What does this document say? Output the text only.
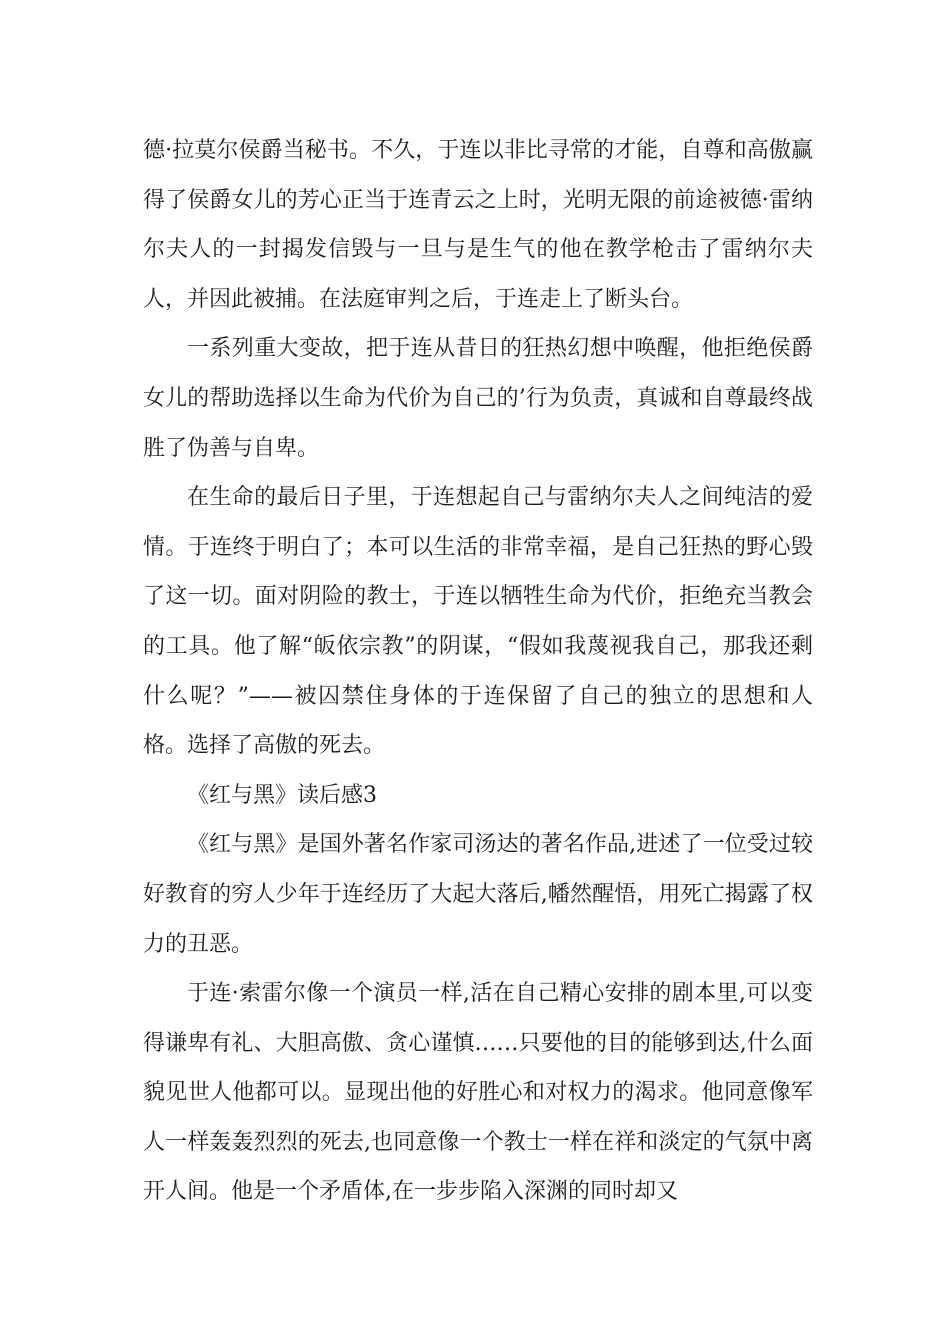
德·拉莫尔侯爵当秘书。不久，于连以非比寻常的才能，自尊和高傲赢得了侯爵女儿的芳心正当于连青云之上时，光明无限的前途被德·雷纳尔夫人的一封揭发信毁与一旦与是生气的他在教学枪击了雷纳尔夫人，并因此被捕。在法庭审判之后，于连走上了断头台。

一系列重大变故，把于连从昔日的狂热幻想中唤醒，他拒绝侯爵女儿的帮助选择以生命为代价为自己的’行为负责，真诚和自尊最终战胜了伪善与自卑。

在生命的最后日子里，于连想起自己与雷纳尔夫人之间纯洁的爱情。于连终于明白了；本可以生活的非常幸福，是自己狂热的野心毁了这一切。面对阴险的教士，于连以牺牲生命为代价，拒绝充当教会的工具。他了解“皈依宗教”的阴谋，“假如我蔑视我自己，那我还剩什么呢？”——被囚禁住身体的于连保留了自己的独立的思想和人格。选择了高傲的死去。

《红与黑》读后感3

《红与黑》是国外著名作家司汤达的著名作品,进述了一位受过较好教育的穷人少年于连经历了大起大落后,幡然醒悟，用死亡揭露了权力的丑恶。

于连·索雷尔像一个演员一样,活在自己精心安排的剧本里,可以变得谦卑有礼、大胆高傲、贪心谨慎……只要他的目的能够到达,什么面貌见世人他都可以。显现出他的好胜心和对权力的渴求。他同意像军人一样轰轰烈烈的死去,也同意像一个教士一样在祥和淡定的气氛中离开人间。他是一个矛盾体,在一步步陷入深渊的同时却又
